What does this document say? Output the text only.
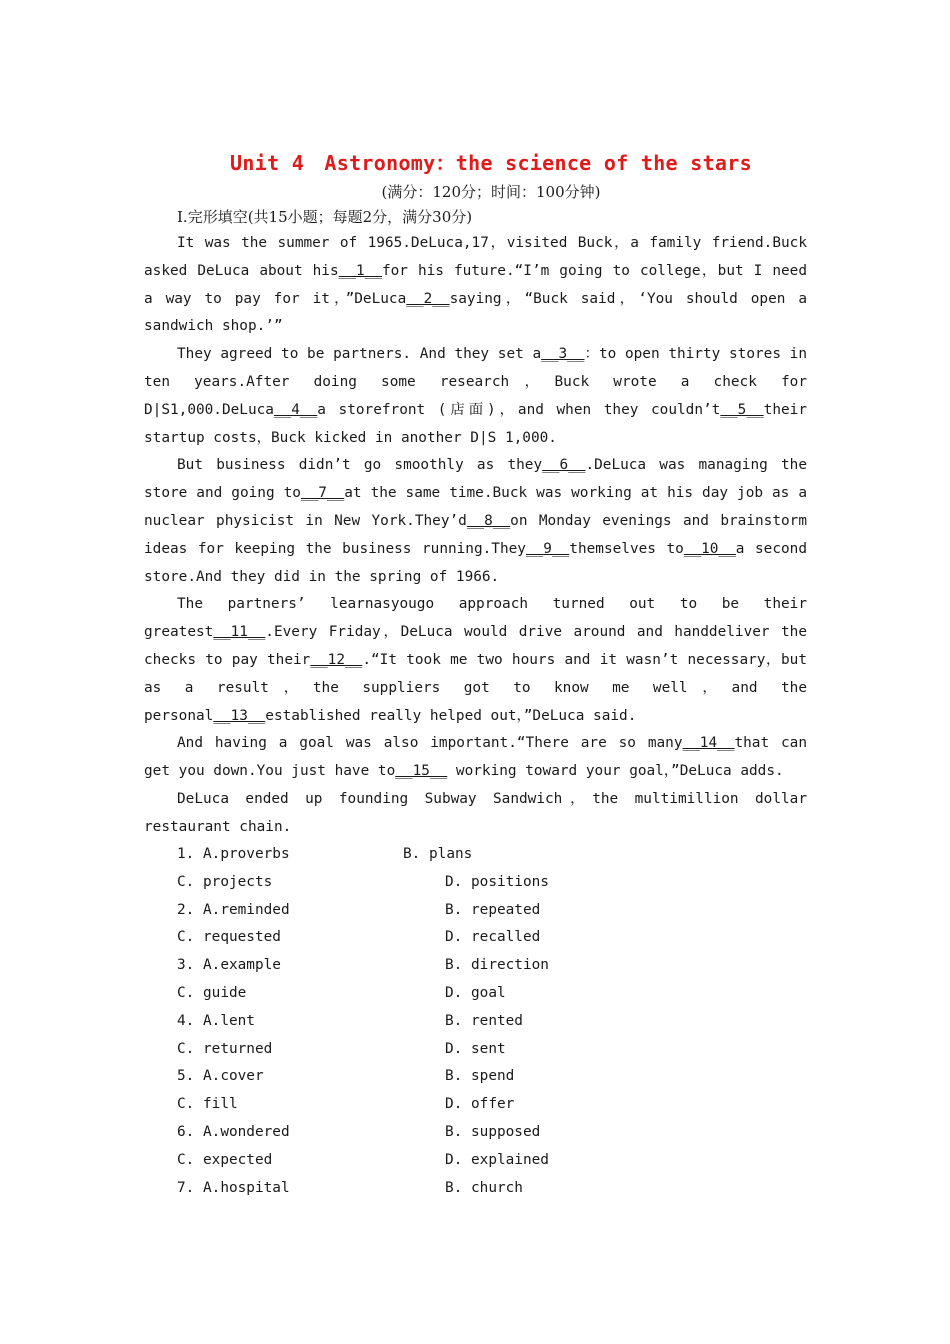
Unit 4　Astronomy：the science of the stars
(满分：120分；时间：100分钟)
Ⅰ.完形填空(共15小题；每题2分，满分30分)

It was the summer of 1965.DeLuca,17，visited Buck，a family friend.Buck asked DeLuca about his__1__for his future.“I’m going to college，but I need a way to pay for it，”DeLuca__2__saying，“Buck said，‘You should open a sandwich shop.’”

They agreed to be partners. And they set a__3__：to open thirty stores in ten years.After doing some research，Buck wrote a check for D|S1,000.DeLuca__4__a storefront (店面)，and when they couldn’t__5__their startup costs，Buck kicked in another D|S 1,000.

But business didn’t go smoothly as they__6__.DeLuca was managing the store and going to__7__at the same time.Buck was working at his day job as a nuclear physicist in New York.They’d__8__on Monday evenings and brainstorm ideas for keeping the business running.They__9__themselves to__10__a second store.And they did in the spring of 1966.

The partners’ learnasyougo approach turned out to be their greatest__11__.Every Friday，DeLuca would drive around and handdeliver the checks to pay their__12__.“It took me two hours and it wasn’t necessary，but as a result，the suppliers got to know me well，and the personal__13__established really helped out，”DeLuca said.

And having a goal was also important.“There are so many__14__that can get you down.You just have to__15__ working toward your goal，”DeLuca adds.

DeLuca ended up founding Subway Sandwich，the multimillion dollar restaurant chain.

1. A.proverbs	B. plans
C. projects	D. positions
2. A.reminded	B. repeated
C. requested	D. recalled
3. A.example	B. direction
C. guide	D. goal
4. A.lent	B. rented
C. returned	D. sent
5. A.cover	B. spend
C. fill	D. offer
6. A.wondered	B. supposed
C. expected	D. explained
7. A.hospital	B. church
